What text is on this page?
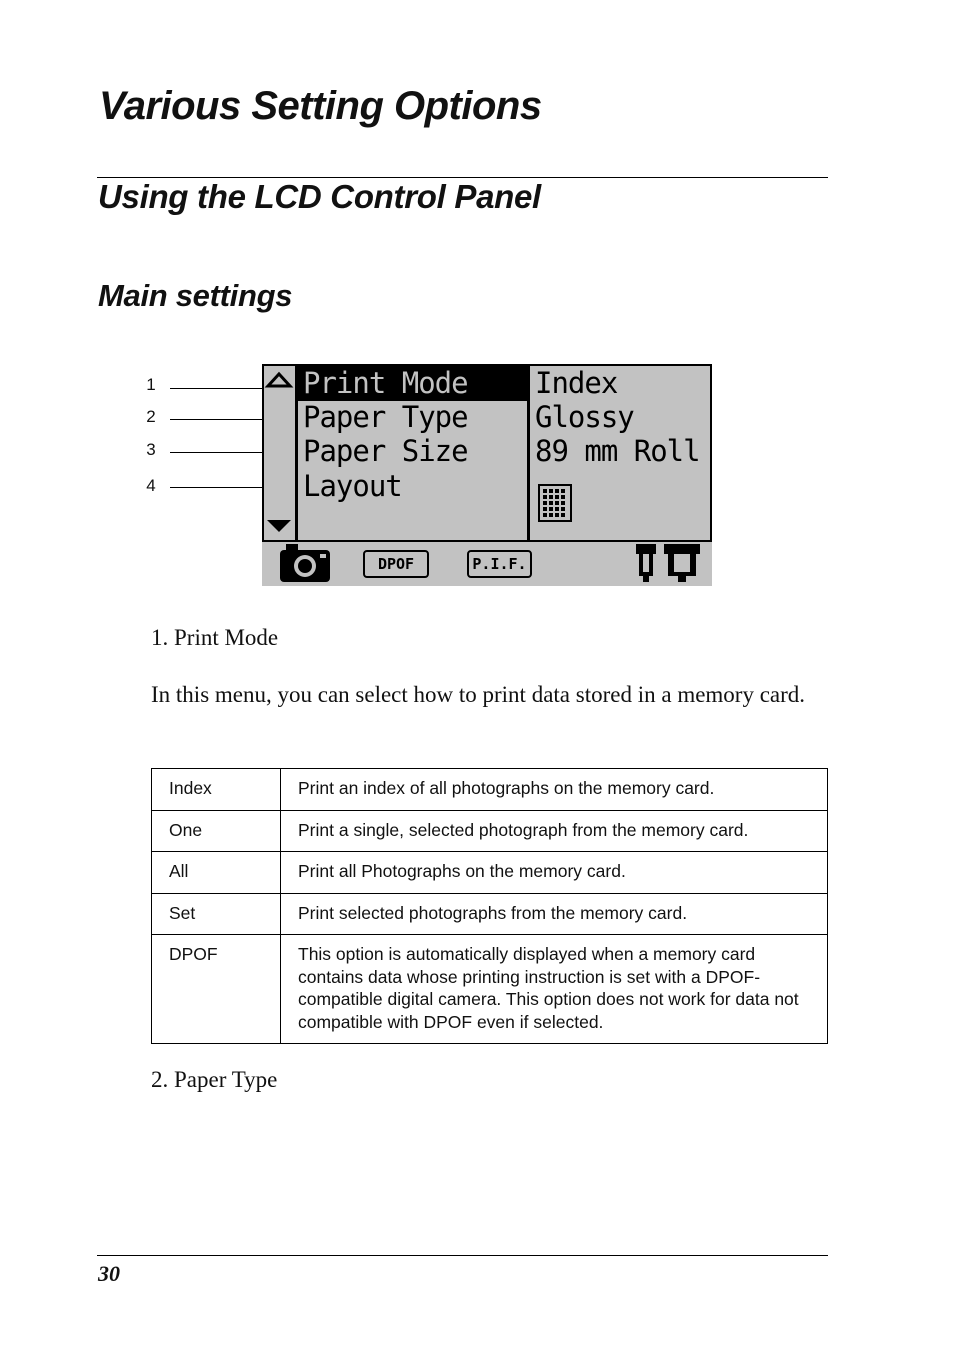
Various Setting Options
Using the LCD Control Panel
Main settings
1
2
3
4
Print Mode
Paper Type
Paper Size
Layout
Index
Glossy
89 mm Roll
DPOF	P.I.F.
1. Print Mode
In this menu, you can select how to print data stored in a memory card.
Index	Print an index of all photographs on the memory card.
One	Print a single, selected photograph from the memory card.
All	Print all Photographs on the memory card.
Set	Print selected photographs from the memory card.
DPOF	This option is automatically displayed when a memory card contains data whose printing instruction is set with a DPOF-compatible digital camera. This option does not work for data not compatible with DPOF even if selected.
2. Paper Type
30
